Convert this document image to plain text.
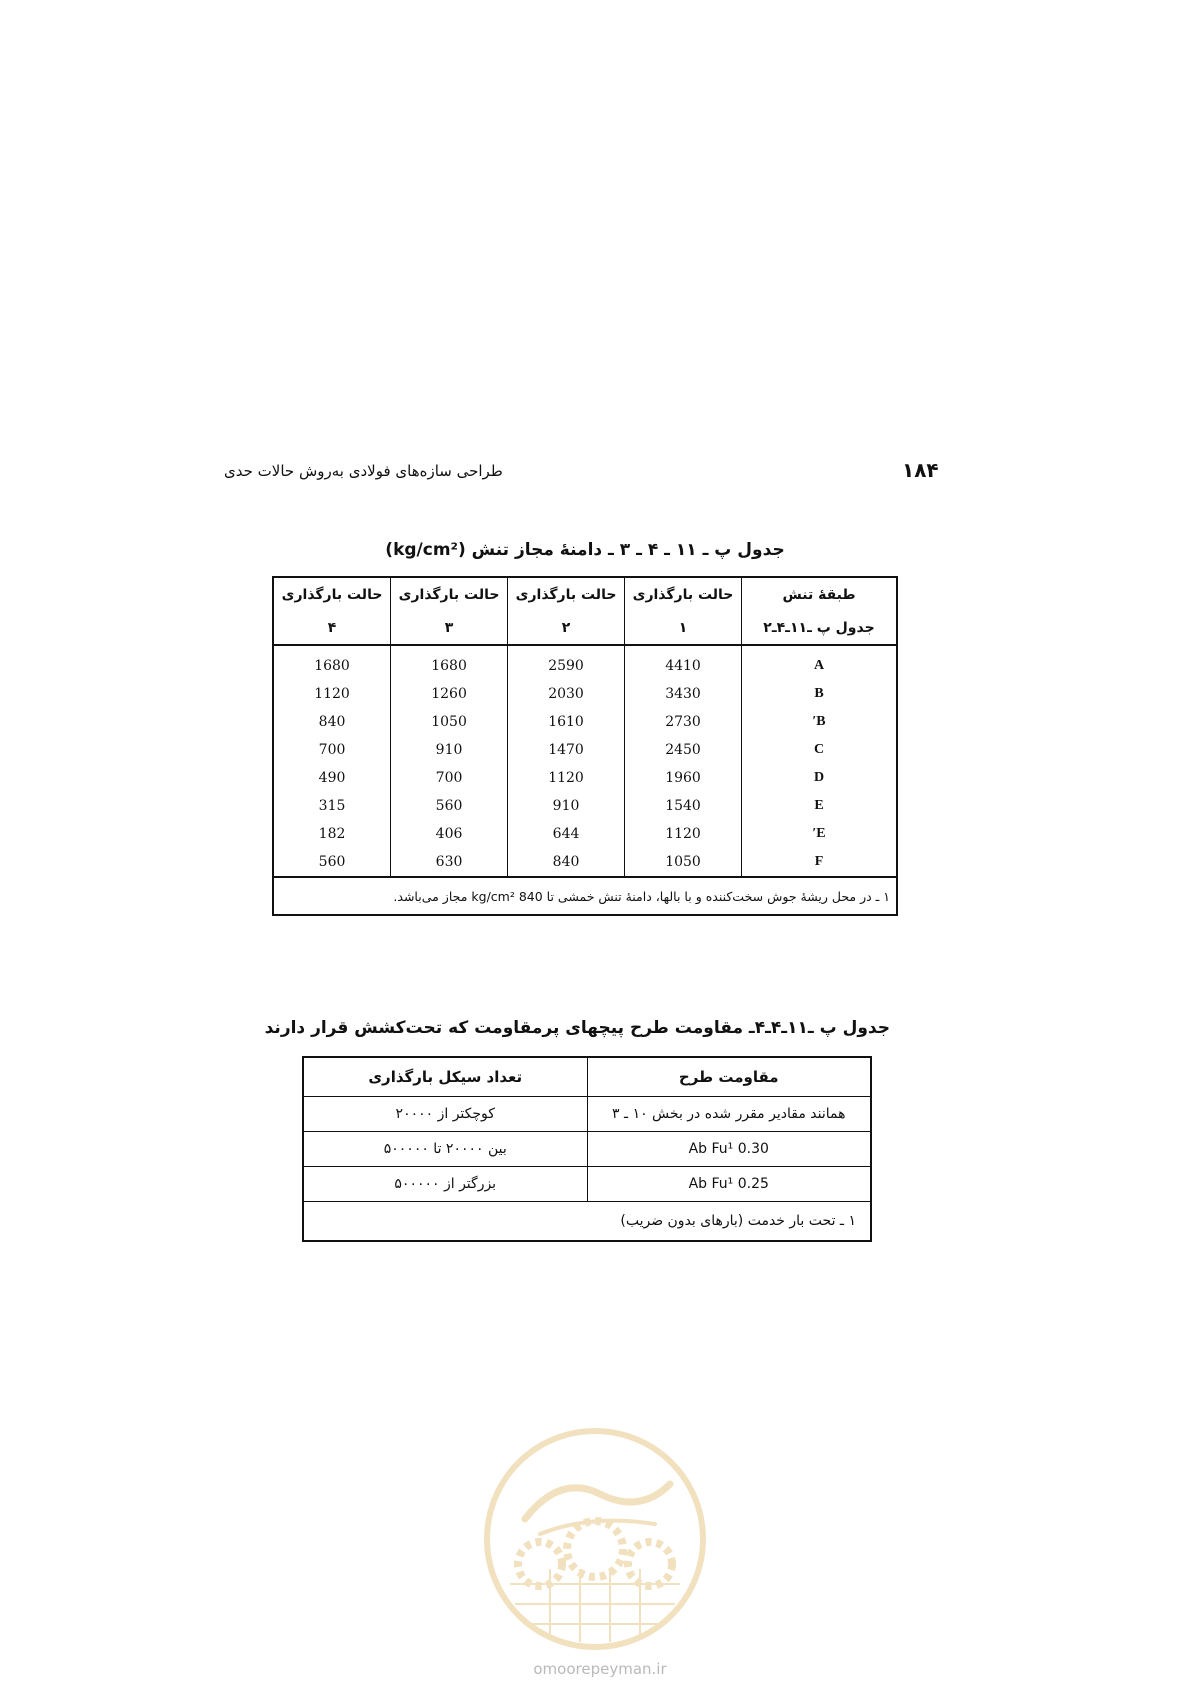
۱۸۴
طراحی سازه‌های فولادی به‌روش حالات حدی
جدول پ ـ ۱۱ ـ ۴ ـ ۳ ـ دامنهٔ مجاز تنش (kg/cm²)
طبقهٔ تنش	حالت بارگذاری	حالت بارگذاری	حالت بارگذاری	حالت بارگذاری
جدول پ ـ۱۱ـ۴ـ۲	۱	۲	۳	۴
A	4410	2590	1680	1680
B	3430	2030	1260	1120
B′	2730	1610	1050	840
C	2450	1470	910	700
D	1960	1120	700	490
E	1540	910	560	315
E′	1120	644	406	182
F	1050	840	630	560
۱ ـ در محل ریشهٔ جوش سخت‌کننده و با بالها، دامنهٔ تنش خمشی تا 840 kg/cm² مجاز می‌باشد.				
جدول پ ـ۱۱ـ۴ـ۴ـ مقاومت طرح پیچهای پرمقاومت که تحت‌کشش قرار دارند
مقاومت طرح	تعداد سیکل بارگذاری
همانند مقادیر مقرر شده در بخش ۱۰ ـ ۳	کوچکتر از ۲۰۰۰۰
0.30 Ab Fu¹	بین ۲۰۰۰۰ تا ۵۰۰۰۰۰
0.25 Ab Fu¹	بزرگتر از ۵۰۰۰۰۰
۱ ـ تحت بار خدمت (بارهای بدون ضریب)	
omoorepeyman.ir
